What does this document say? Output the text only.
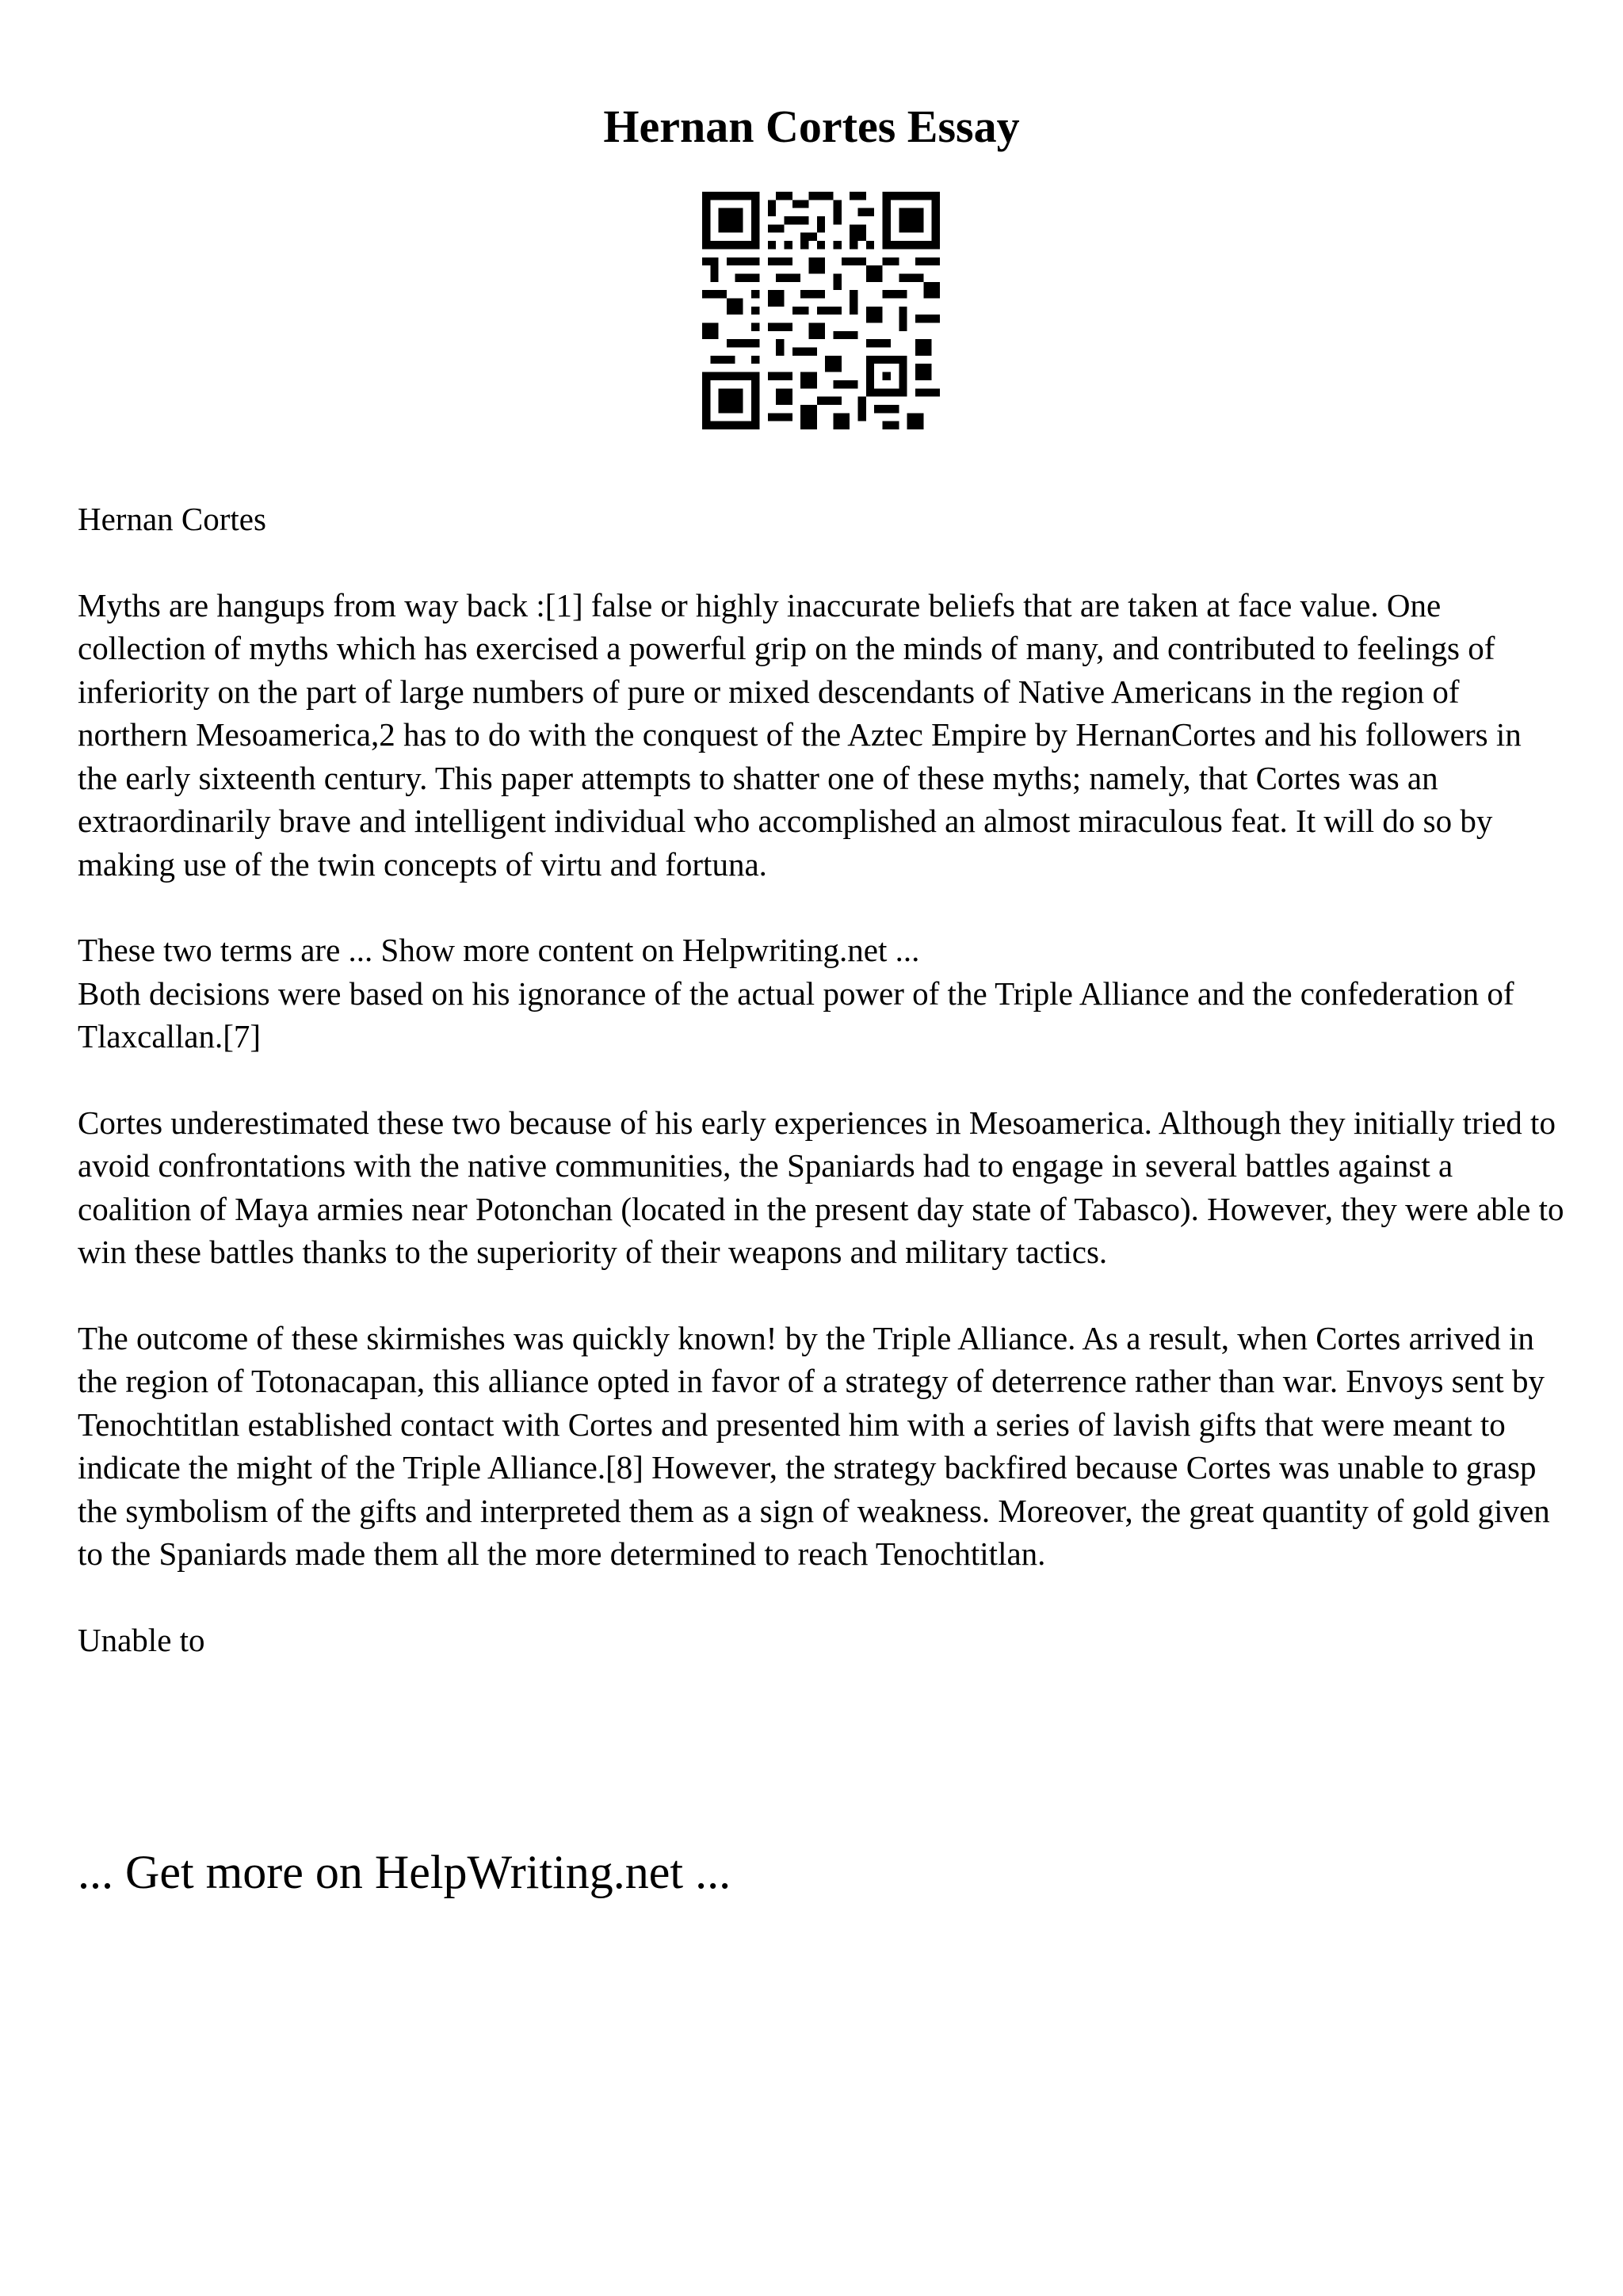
Hernan Cortes Essay

Hernan Cortes

Myths are hangups from way back :[1] false or highly inaccurate beliefs that are taken at face value. One collection of myths which has exercised a powerful grip on the minds of many, and contributed to feelings of inferiority on the part of large numbers of pure or mixed descendants of Native Americans in the region of northern Mesoamerica,2 has to do with the conquest of the Aztec Empire by HernanCortes and his followers in the early sixteenth century. This paper attempts to shatter one of these myths; namely, that Cortes was an extraordinarily brave and intelligent individual who accomplished an almost miraculous feat. It will do so by making use of the twin concepts of virtu and fortuna.

These two terms are ... Show more content on Helpwriting.net ...

Both decisions were based on his ignorance of the actual power of the Triple Alliance and the confederation of Tlaxcallan.[7]

Cortes underestimated these two because of his early experiences in Mesoamerica. Although they initially tried to avoid confrontations with the native communities, the Spaniards had to engage in several battles against a coalition of Maya armies near Potonchan (located in the present day state of Tabasco). However, they were able to win these battles thanks to the superiority of their weapons and military tactics.

The outcome of these skirmishes was quickly known! by the Triple Alliance. As a result, when Cortes arrived in the region of Totonacapan, this alliance opted in favor of a strategy of deterrence rather than war. Envoys sent by Tenochtitlan established contact with Cortes and presented him with a series of lavish gifts that were meant to indicate the might of the Triple Alliance.[8] However, the strategy backfired because Cortes was unable to grasp the symbolism of the gifts and interpreted them as a sign of weakness. Moreover, the great quantity of gold given to the Spaniards made them all the more determined to reach Tenochtitlan.

Unable to

... Get more on HelpWriting.net ...
